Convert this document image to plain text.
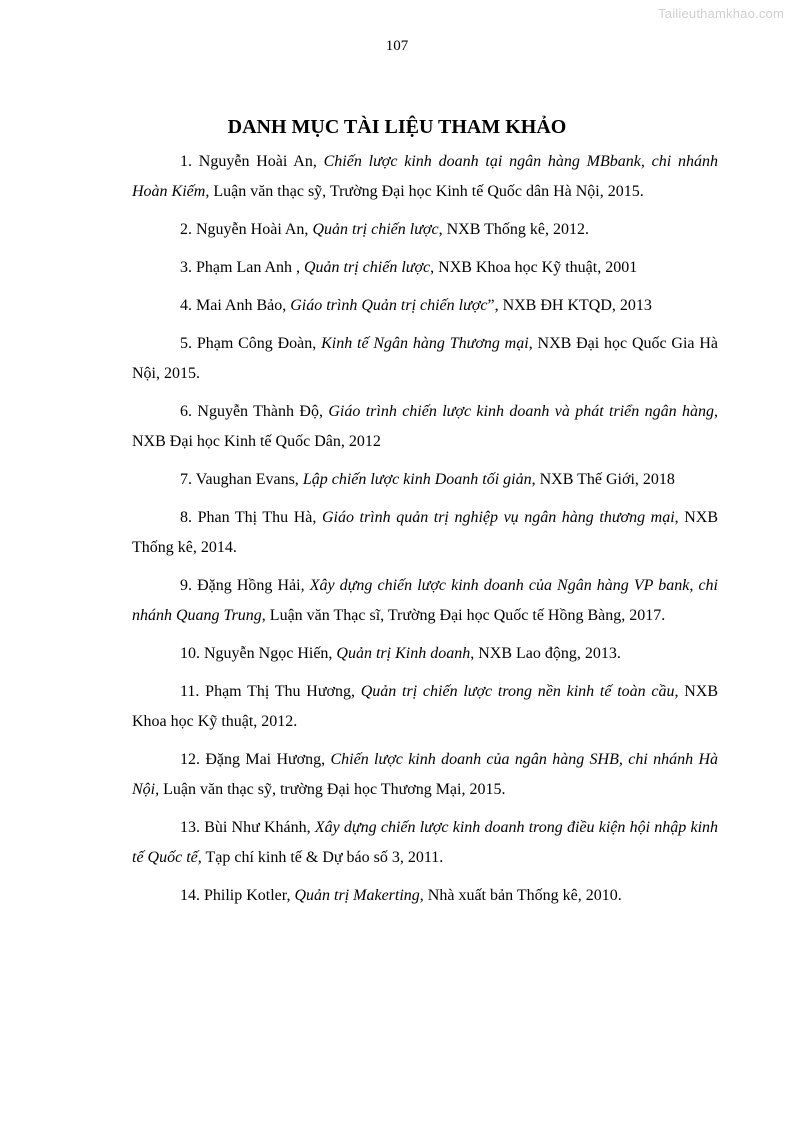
Tailieuthamkhao.com
107
DANH MỤC TÀI LIỆU THAM KHẢO

1. Nguyễn Hoài An, Chiến lược kinh doanh tại ngân hàng MBbank, chi nhánh Hoàn Kiếm, Luận văn thạc sỹ, Trường Đại học Kinh tế Quốc dân Hà Nội, 2015.

2. Nguyễn Hoài An, Quản trị chiến lược, NXB Thống kê, 2012.

3. Phạm Lan Anh , Quản trị chiến lược, NXB Khoa học Kỹ thuật, 2001

4. Mai Anh Bảo, Giáo trình Quản trị chiến lược”, NXB ĐH KTQD, 2013

5. Phạm Công Đoàn, Kinh tế Ngân hàng Thương mại, NXB Đại học Quốc Gia Hà Nội, 2015.

6. Nguyễn Thành Độ, Giáo trình chiến lược kinh doanh và phát triển ngân hàng, NXB Đại học Kinh tế Quốc Dân, 2012

7. Vaughan Evans, Lập chiến lược kinh Doanh tối giản, NXB Thế Giới, 2018

8. Phan Thị Thu Hà, Giáo trình quản trị nghiệp vụ ngân hàng thương mại, NXB Thống kê, 2014.

9. Đặng Hồng Hải, Xây dựng chiến lược kinh doanh của Ngân hàng VP bank, chi nhánh Quang Trung, Luận văn Thạc sĩ, Trường Đại học Quốc tế Hồng Bàng, 2017.

10. Nguyễn Ngọc Hiến, Quản trị Kinh doanh, NXB Lao động, 2013.

11. Phạm Thị Thu Hương, Quản trị chiến lược trong nền kinh tế toàn cầu, NXB Khoa học Kỹ thuật, 2012.

12. Đặng Mai Hương, Chiến lược kinh doanh của ngân hàng SHB, chi nhánh Hà Nội, Luận văn thạc sỹ, trường Đại học Thương Mại, 2015.

13. Bùi Như Khánh, Xây dựng chiến lược kinh doanh trong điều kiện hội nhập kinh tế Quốc tế, Tạp chí kinh tế & Dự báo số 3, 2011.

14. Philip Kotler, Quản trị Makerting, Nhà xuất bản Thống kê, 2010.
